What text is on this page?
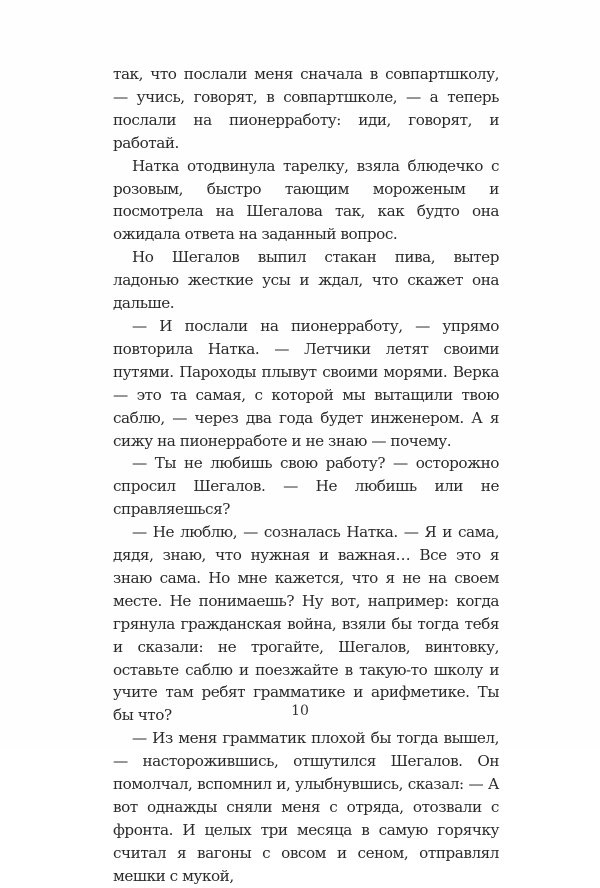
так, что послали меня сначала в совпартшколу, — учись, говорят, в совпартшколе, — а теперь послали на пионерработу: иди, говорят, и работай.

Натка отодвинула тарелку, взяла блюдечко с розовым, быстро тающим мороженым и посмотрела на Шегалова так, как будто она ожидала ответа на заданный вопрос.

Но Шегалов выпил стакан пива, вытер ладонью жесткие усы и ждал, что скажет она дальше.

— И послали на пионерработу, — упрямо повторила Натка. — Летчики летят своими путями. Пароходы плывут своими морями. Верка — это та самая, с которой мы вытащили твою саблю, — через два года будет инженером. А я сижу на пионерработе и не знаю — почему.

— Ты не любишь свою работу? — осторожно спросил Шегалов. — Не любишь или не справляешься?

— Не люблю, — созналась Натка. — Я и сама, дядя, знаю, что нужная и важная… Все это я знаю сама. Но мне кажется, что я не на своем месте. Не понимаешь? Ну вот, например: когда грянула гражданская война, взяли бы тогда тебя и сказали: не трогайте, Шегалов, винтовку, оставьте саблю и поезжайте в такую-то школу и учите там ребят грамматике и арифметике. Ты бы что?

— Из меня грамматик плохой бы тогда вышел, — насторожившись, отшутился Шегалов. Он помолчал, вспомнил и, улыбнувшись, сказал: — А вот однажды сняли меня с отряда, отозвали с фронта. И целых три месяца в самую горячку считал я вагоны с овсом и сеном, отправлял мешки с мукой,

10
